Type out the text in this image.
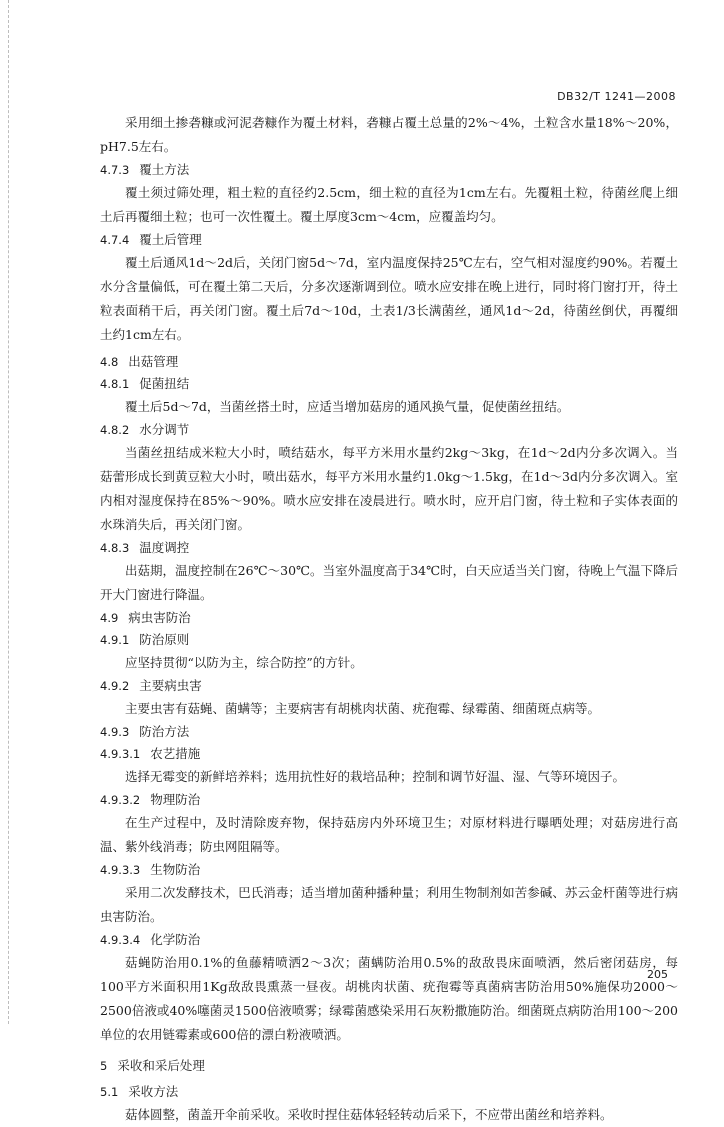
DB32/T 1241—2008

采用细土掺砻糠或河泥砻糠作为覆土材料，砻糠占覆土总量的2%～4%，土粒含水量18%～20%，pH7.5左右。

4.7.3 覆土方法

覆土须过筛处理，粗土粒的直径约2.5cm，细土粒的直径为1cm左右。先覆粗土粒，待菌丝爬上细土后再覆细土粒；也可一次性覆土。覆土厚度3cm～4cm，应覆盖均匀。

4.7.4 覆土后管理

覆土后通风1d～2d后，关闭门窗5d～7d，室内温度保持25℃左右，空气相对湿度约90%。若覆土水分含量偏低，可在覆土第二天后，分多次逐渐调到位。喷水应安排在晚上进行，同时将门窗打开，待土粒表面稍干后，再关闭门窗。覆土后7d～10d，土表1/3长满菌丝，通风1d～2d，待菌丝倒伏，再覆细土约1cm左右。

4.8 出菇管理
4.8.1 促菌扭结

覆土后5d～7d，当菌丝搭土时，应适当增加菇房的通风换气量，促使菌丝扭结。

4.8.2 水分调节

当菌丝扭结成米粒大小时，喷结菇水，每平方米用水量约2kg～3kg，在1d～2d内分多次调入。当菇蕾形成长到黄豆粒大小时，喷出菇水，每平方米用水量约1.0kg～1.5kg，在1d～3d内分多次调入。室内相对湿度保持在85%～90%。喷水应安排在凌晨进行。喷水时，应开启门窗，待土粒和子实体表面的水珠消失后，再关闭门窗。

4.8.3 温度调控

出菇期，温度控制在26℃～30℃。当室外温度高于34℃时，白天应适当关门窗，待晚上气温下降后开大门窗进行降温。

4.9 病虫害防治
4.9.1 防治原则

应坚持贯彻“以防为主，综合防控”的方针。

4.9.2 主要病虫害

主要虫害有菇蝇、菌螨等；主要病害有胡桃肉状菌、疣孢霉、绿霉菌、细菌斑点病等。

4.9.3 防治方法
4.9.3.1 农艺措施

选择无霉变的新鲜培养料；选用抗性好的栽培品种；控制和调节好温、湿、气等环境因子。

4.9.3.2 物理防治

在生产过程中，及时清除废弃物，保持菇房内外环境卫生；对原材料进行曝晒处理；对菇房进行高温、紫外线消毒；防虫网阻隔等。

4.9.3.3 生物防治

采用二次发酵技术，巴氏消毒；适当增加菌种播种量；利用生物制剂如苦参碱、苏云金杆菌等进行病虫害防治。

4.9.3.4 化学防治

菇蝇防治用0.1%的鱼藤精喷洒2～3次；菌螨防治用0.5%的敌敌畏床面喷洒，然后密闭菇房，每100平方米面积用1Kg敌敌畏熏蒸一昼夜。胡桃肉状菌、疣孢霉等真菌病害防治用50%施保功2000～2500倍液或40%噻菌灵1500倍液喷雾；绿霉菌感染采用石灰粉撒施防治。细菌斑点病防治用100～200单位的农用链霉素或600倍的漂白粉液喷洒。

5 采收和采后处理
5.1 采收方法

菇体圆整，菌盖开伞前采收。采收时捏住菇体轻轻转动后采下，不应带出菌丝和培养料。

205
